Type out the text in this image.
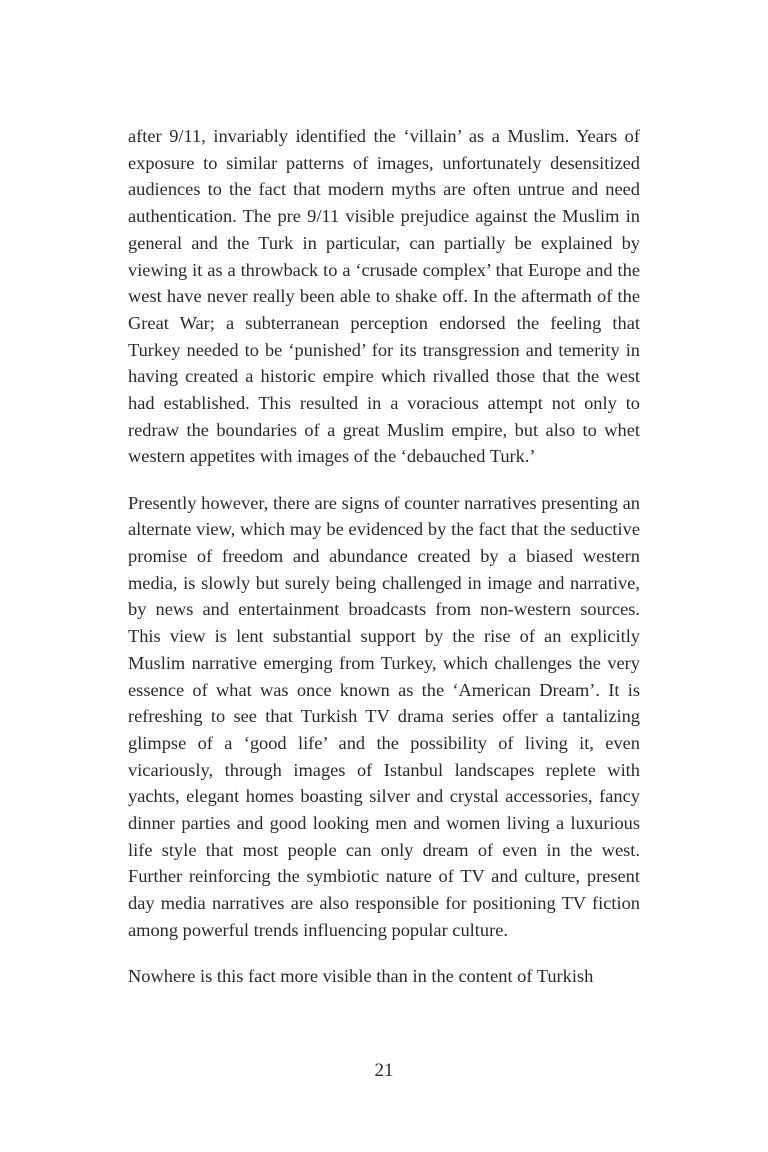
after 9/11, invariably identified the ‘villain’ as a Muslim. Years of exposure to similar patterns of images, unfortunately desensitized audiences to the fact that modern myths are often untrue and need authentication. The pre 9/11 visible prejudice against the Muslim in general and the Turk in particular, can partially be explained by viewing it as a throwback to a ‘crusade complex’ that Europe and the west have never really been able to shake off. In the aftermath of the Great War; a subterranean perception endorsed the feeling that Turkey needed to be ‘punished’ for its transgression and temerity in having created a historic empire which rivalled those that the west had established. This resulted in a voracious attempt not only to redraw the boundaries of a great Muslim empire, but also to whet western appetites with images of the ‘debauched Turk.’

Presently however, there are signs of counter narratives presenting an alternate view, which may be evidenced by the fact that the seductive promise of freedom and abundance created by a biased western media, is slowly but surely being challenged in image and narrative, by news and entertainment broadcasts from non-western sources. This view is lent substantial support by the rise of an explicitly Muslim narrative emerging from Turkey, which challenges the very essence of what was once known as the ‘American Dream’. It is refreshing to see that Turkish TV drama series offer a tantalizing glimpse of a ‘good life’ and the possibility of living it, even vicariously, through images of Istanbul landscapes replete with yachts, elegant homes boasting silver and crystal accessories, fancy dinner parties and good looking men and women living a luxurious life style that most people can only dream of even in the west. Further reinforcing the symbiotic nature of TV and culture, present day media narratives are also responsible for positioning TV fiction among powerful trends influencing popular culture.

Nowhere is this fact more visible than in the content of Turkish

21
